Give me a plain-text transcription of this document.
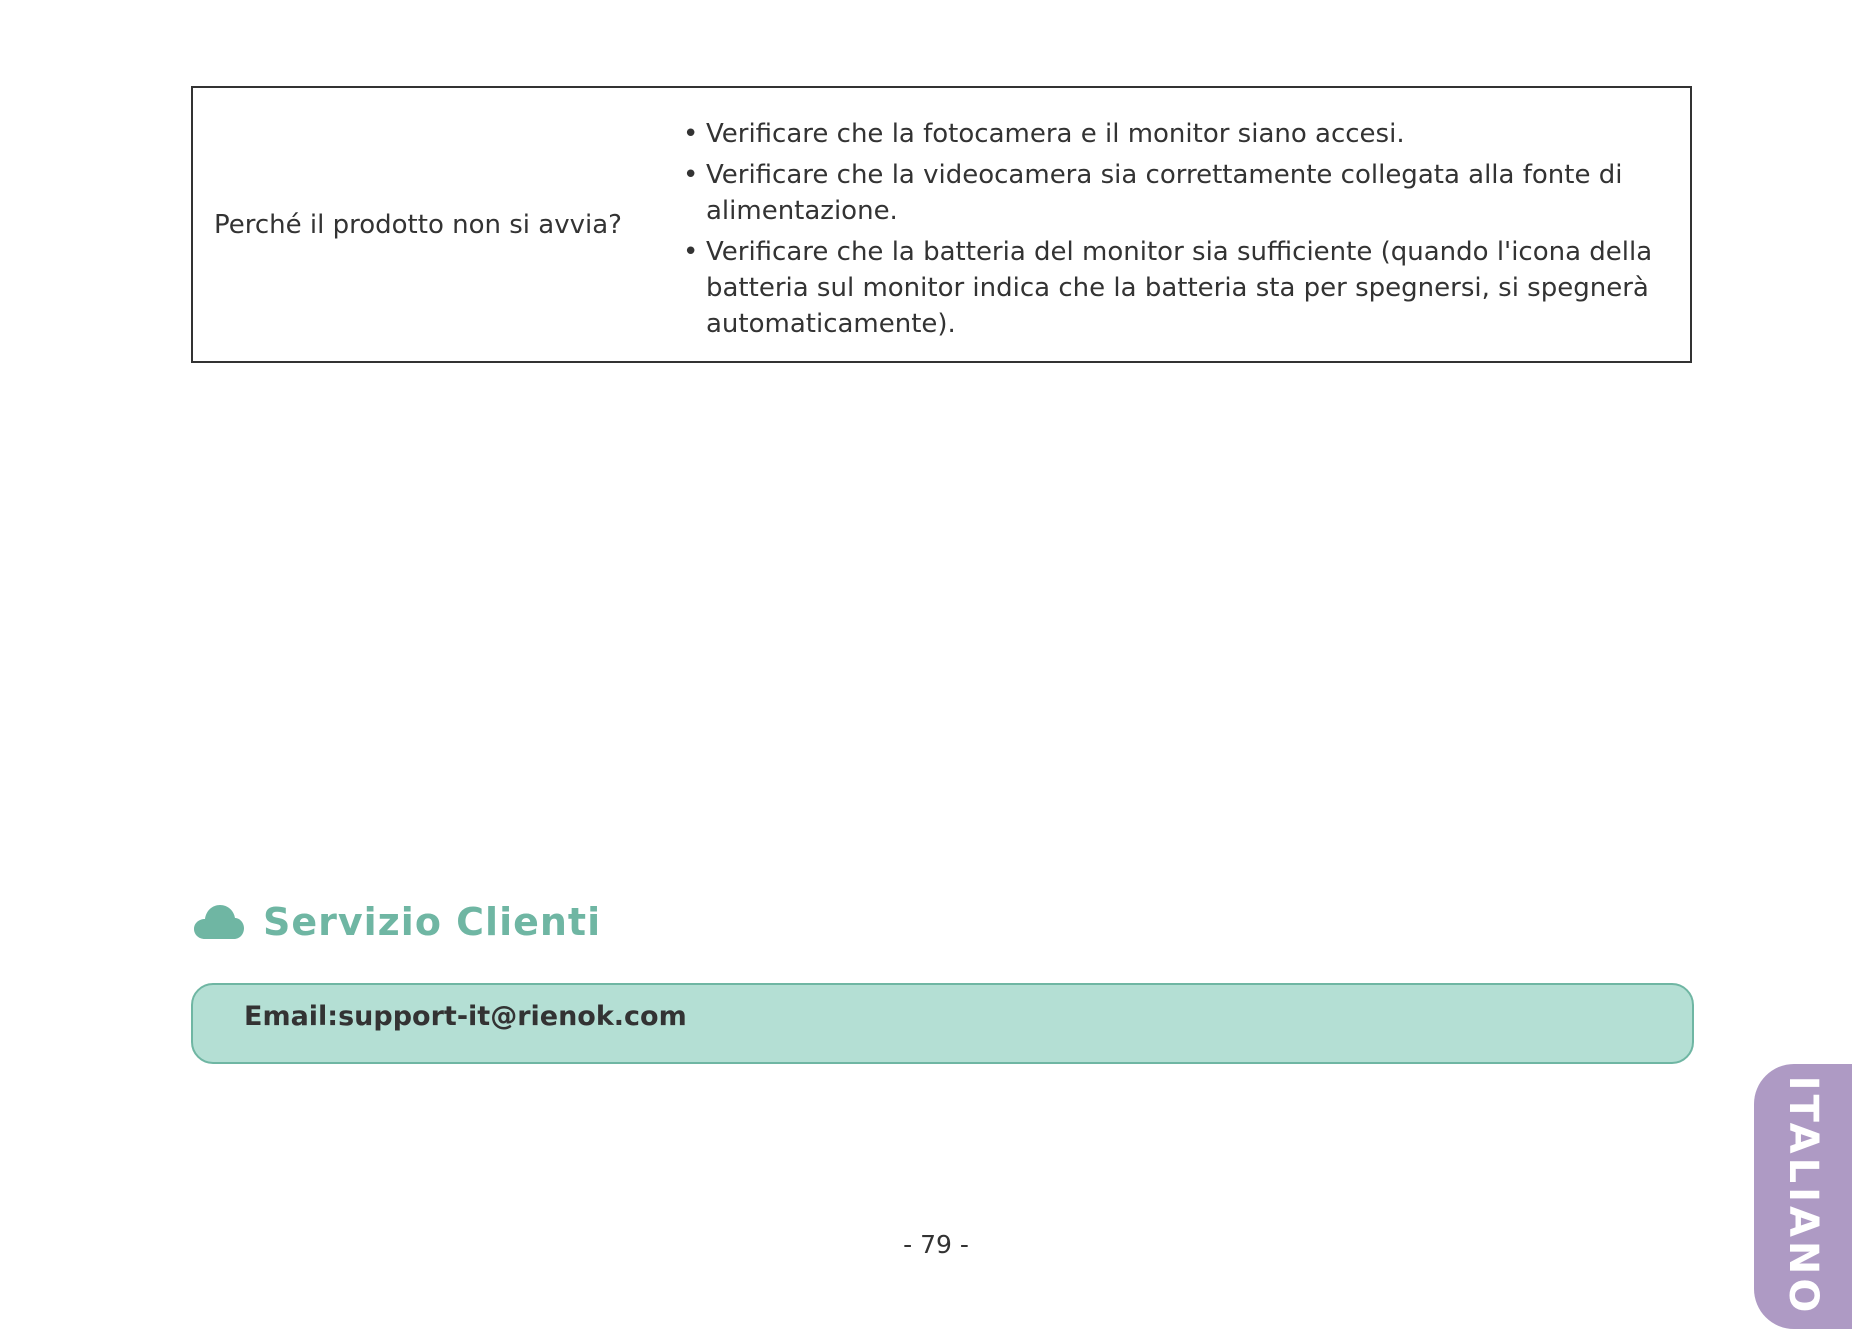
Perché il prodotto non si avvia?
• Verificare che la fotocamera e il monitor siano accesi.
• Verificare che la videocamera sia correttamente collegata alla fonte di alimentazione.
• Verificare che la batteria del monitor sia sufficiente (quando l'icona della batteria sul monitor indica che la batteria sta per spegnersi, si spegnerà automaticamente).
Servizio Clienti
Email:support-it@rienok.com
- 79 -	ITALIANO
